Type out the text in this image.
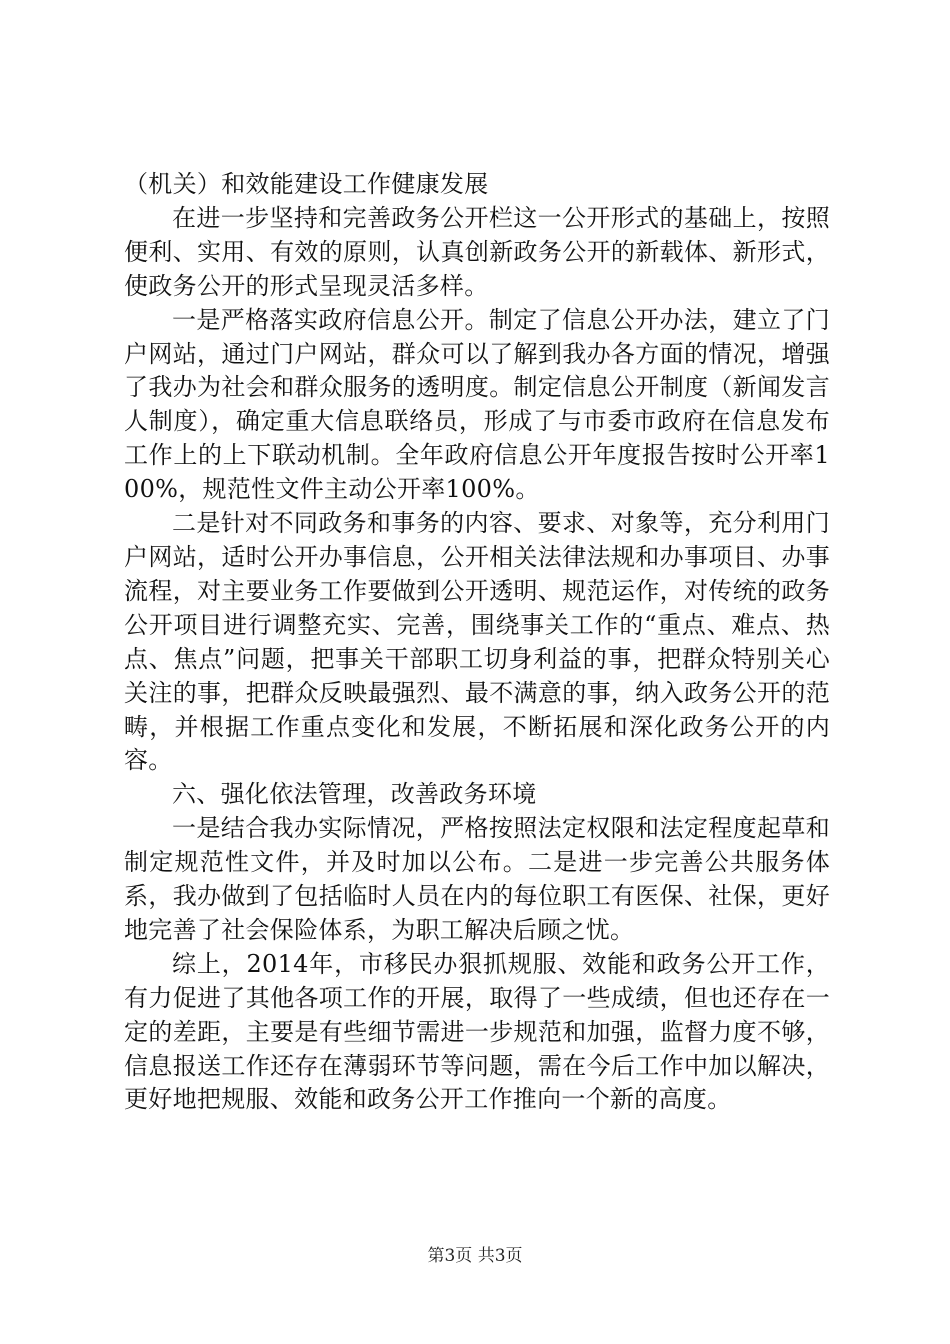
（机关）和效能建设工作健康发展

在进一步坚持和完善政务公开栏这一公开形式的基础上，按照便利、实用、有效的原则，认真创新政务公开的新载体、新形式，使政务公开的形式呈现灵活多样。

一是严格落实政府信息公开。制定了信息公开办法，建立了门户网站，通过门户网站，群众可以了解到我办各方面的情况，增强了我办为社会和群众服务的透明度。制定信息公开制度（新闻发言人制度），确定重大信息联络员，形成了与市委市政府在信息发布工作上的上下联动机制。全年政府信息公开年度报告按时公开率100%，规范性文件主动公开率100%。

二是针对不同政务和事务的内容、要求、对象等，充分利用门户网站，适时公开办事信息，公开相关法律法规和办事项目、办事流程，对主要业务工作要做到公开透明、规范运作，对传统的政务公开项目进行调整充实、完善，围绕事关工作的“重点、难点、热点、焦点”问题，把事关干部职工切身利益的事，把群众特别关心关注的事，把群众反映最强烈、最不满意的事，纳入政务公开的范畴，并根据工作重点变化和发展，不断拓展和深化政务公开的内容。

六、强化依法管理，改善政务环境

一是结合我办实际情况，严格按照法定权限和法定程度起草和制定规范性文件，并及时加以公布。二是进一步完善公共服务体系，我办做到了包括临时人员在内的每位职工有医保、社保，更好地完善了社会保险体系，为职工解决后顾之忧。

综上，2014年，市移民办狠抓规服、效能和政务公开工作，有力促进了其他各项工作的开展，取得了一些成绩，但也还存在一定的差距，主要是有些细节需进一步规范和加强，监督力度不够，信息报送工作还存在薄弱环节等问题，需在今后工作中加以解决，更好地把规服、效能和政务公开工作推向一个新的高度。

第3页 共3页
